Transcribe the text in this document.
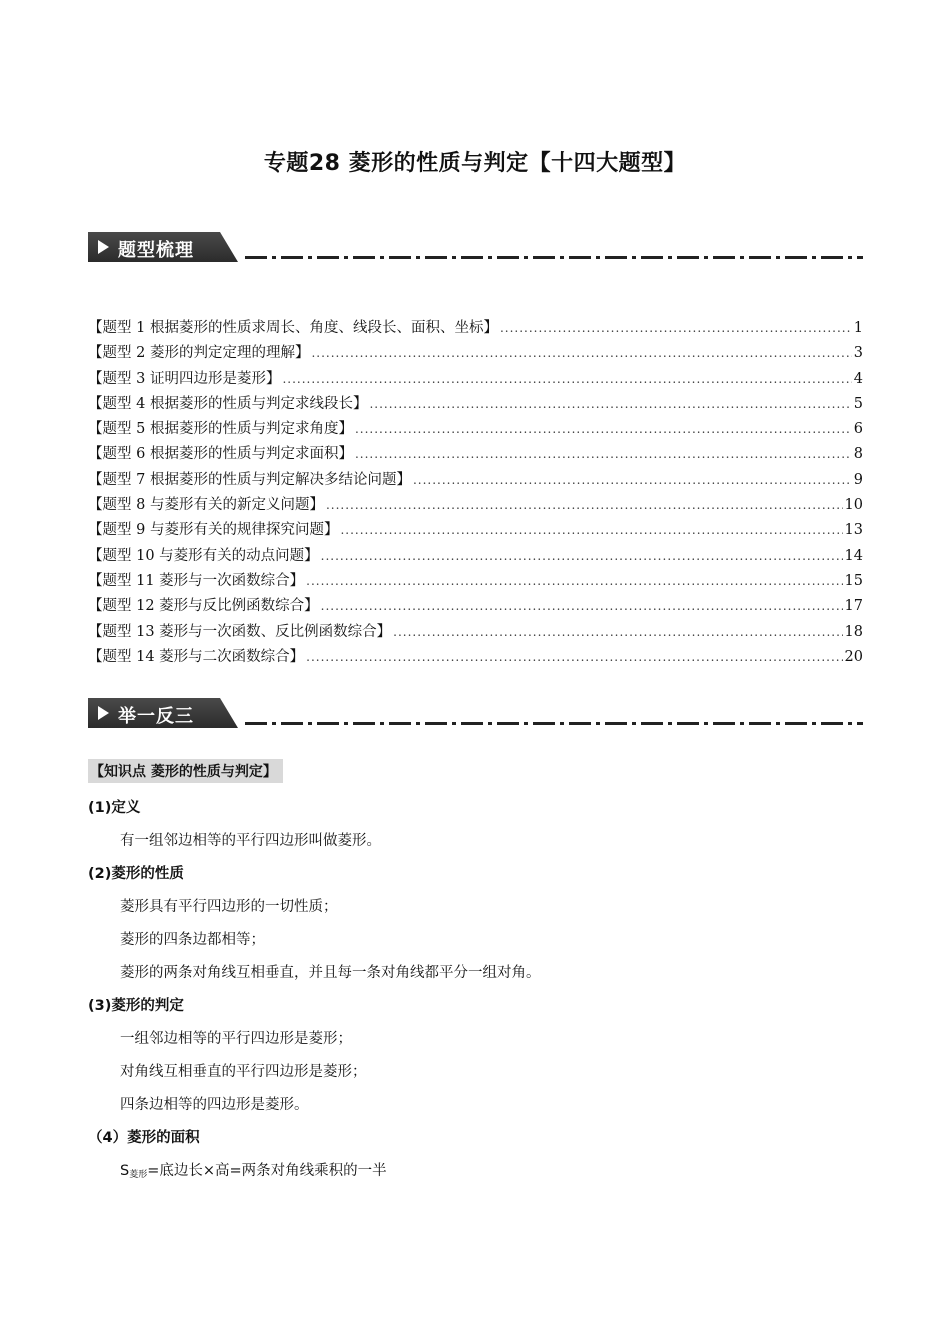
专题28 菱形的性质与判定【十四大题型】
题型梳理
【题型 1 根据菱形的性质求周长、角度、线段长、面积、坐标】 .....	1
【题型 2 菱形的判定定理的理解】 .....	3
【题型 3 证明四边形是菱形】 .....	4
【题型 4 根据菱形的性质与判定求线段长】 .....	5
【题型 5 根据菱形的性质与判定求角度】 .....	6
【题型 6 根据菱形的性质与判定求面积】 .....	8
【题型 7 根据菱形的性质与判定解决多结论问题】 .....	9
【题型 8 与菱形有关的新定义问题】 .....	10
【题型 9 与菱形有关的规律探究问题】 .....	13
【题型 10 与菱形有关的动点问题】 .....	14
【题型 11 菱形与一次函数综合】 .....	15
【题型 12 菱形与反比例函数综合】 .....	17
【题型 13 菱形与一次函数、反比例函数综合】 .....	18
【题型 14 菱形与二次函数综合】 .....	20
举一反三
【知识点 菱形的性质与判定】
(1)定义
有一组邻边相等的平行四边形叫做菱形。
(2)菱形的性质
菱形具有平行四边形的一切性质；
菱形的四条边都相等；
菱形的两条对角线互相垂直，并且每一条对角线都平分一组对角。
(3)菱形的判定
一组邻边相等的平行四边形是菱形；
对角线互相垂直的平行四边形是菱形；
四条边相等的四边形是菱形。
（4）菱形的面积
$S_{菱形}=$底边长×高=两条对角线乘积的一半
